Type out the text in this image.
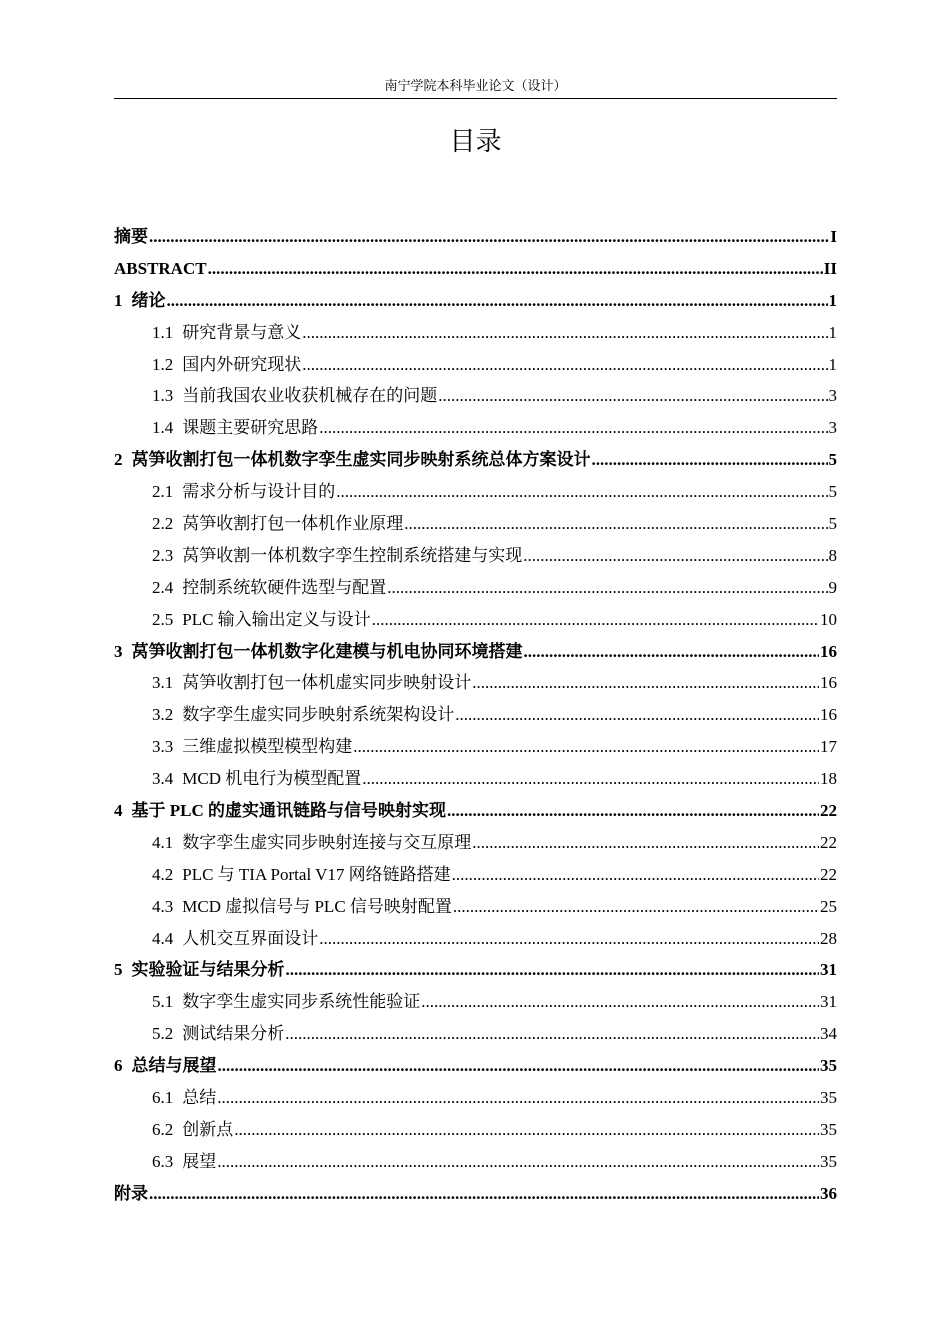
南宁学院本科毕业论文（设计）
目录
摘要 .....	I
ABSTRACT .....	II
1 绪论 .....	1
1.1 研究背景与意义 .....	1
1.2 国内外研究现状 .....	1
1.3 当前我国农业收获机械存在的问题 .....	3
1.4 课题主要研究思路 .....	3
2 莴笋收割打包一体机数字孪生虚实同步映射系统总体方案设计 .....	5
2.1 需求分析与设计目的 .....	5
2.2 莴笋收割打包一体机作业原理 .....	5
2.3 莴笋收割一体机数字孪生控制系统搭建与实现 .....	8
2.4 控制系统软硬件选型与配置 .....	9
2.5 PLC 输入输出定义与设计 .....	10
3 莴笋收割打包一体机数字化建模与机电协同环境搭建 .....	16
3.1 莴笋收割打包一体机虚实同步映射设计 .....	16
3.2 数字孪生虚实同步映射系统架构设计 .....	16
3.3 三维虚拟模型模型构建 .....	17
3.4 MCD 机电行为模型配置 .....	18
4 基于 PLC 的虚实通讯链路与信号映射实现 .....	22
4.1 数字孪生虚实同步映射连接与交互原理 .....	22
4.2 PLC 与 TIA Portal V17 网络链路搭建 .....	22
4.3 MCD 虚拟信号与 PLC 信号映射配置 .....	25
4.4 人机交互界面设计 .....	28
5 实验验证与结果分析 .....	31
5.1 数字孪生虚实同步系统性能验证 .....	31
5.2 测试结果分析 .....	34
6 总结与展望 .....	35
6.1 总结 .....	35
6.2 创新点 .....	35
6.3 展望 .....	35
附录 .....	36
